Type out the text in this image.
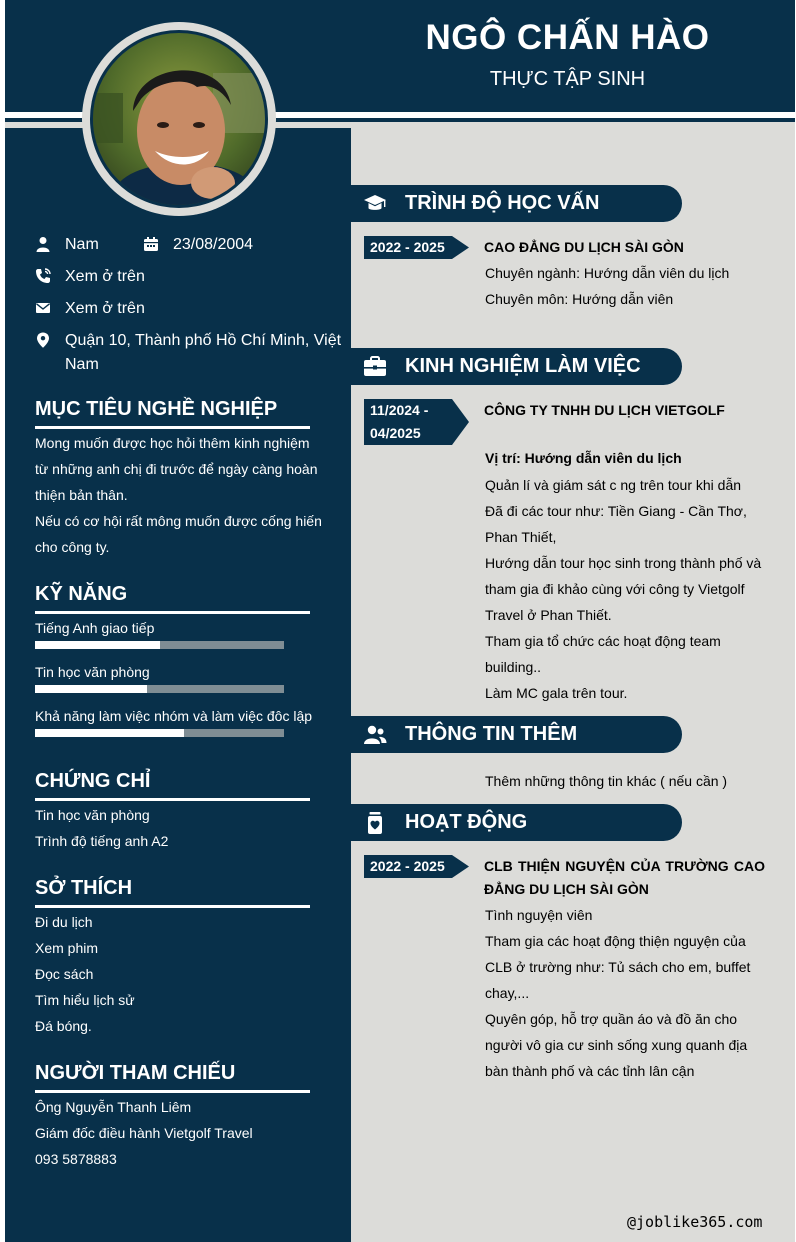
NGÔ CHẤN HÀO
THỰC TẬP SINH
Nam	23/08/2004
Xem ở trên
Xem ở trên
Quận 10, Thành phố Hồ Chí Minh, Việt
Nam
MỤC TIÊU NGHỀ NGHIỆP
Mong muốn được học hỏi thêm kinh nghiệm
từ những anh chị đi trước để ngày càng hoàn
thiện bản thân.
Nếu có cơ hội rất mông muốn được cống hiến
cho công ty.
KỸ NĂNG
Tiếng Anh giao tiếp
Tin học văn phòng
Khả năng làm việc nhóm và làm việc đôc lập
CHỨNG CHỈ
Tin học văn phòng
Trình độ tiếng anh A2
SỞ THÍCH
Đi du lịch
Xem phim
Đọc sách
Tìm hiểu lịch sử
Đá bóng.
NGƯỜI THAM CHIẾU
Ông Nguyễn Thanh Liêm
Giám đốc điều hành Vietgolf Travel
093 5878883
TRÌNH ĐỘ HỌC VẤN
2022 - 2025	CAO ĐẲNG DU LỊCH SÀI GÒN
Chuyên ngành: Hướng dẫn viên du lịch
Chuyên môn: Hướng dẫn viên
KINH NGHIỆM LÀM VIỆC
11/2024 -
04/2025
CÔNG TY TNHH DU LỊCH VIETGOLF
Vị trí: Hướng dẫn viên du lịch
Quản lí và giám sát c ng trên tour khi dẫn
Đã đi các tour như: Tiền Giang - Cần Thơ,
Phan Thiết,
Hướng dẫn tour học sinh trong thành phố và
tham gia đi khảo cùng với công ty Vietgolf
Travel ở Phan Thiết.
Tham gia tổ chức các hoạt động team
building..
Làm MC gala trên tour.
THÔNG TIN THÊM
Thêm những thông tin khác ( nếu cần )
HOẠT ĐỘNG
2022 - 2025	CLB THIỆN NGUYỆN CỦA TRƯỜNG CAO
ĐẲNG DU LỊCH SÀI GÒN
Tình nguyện viên
Tham gia các hoạt động thiện nguyện của
CLB ở trường như: Tủ sách cho em, buffet
chay,...
Quyên góp, hỗ trợ quần áo và đồ ăn cho
người vô gia cư sinh sống xung quanh địa
bàn thành phố và các tỉnh lân cận
@joblike365.com
